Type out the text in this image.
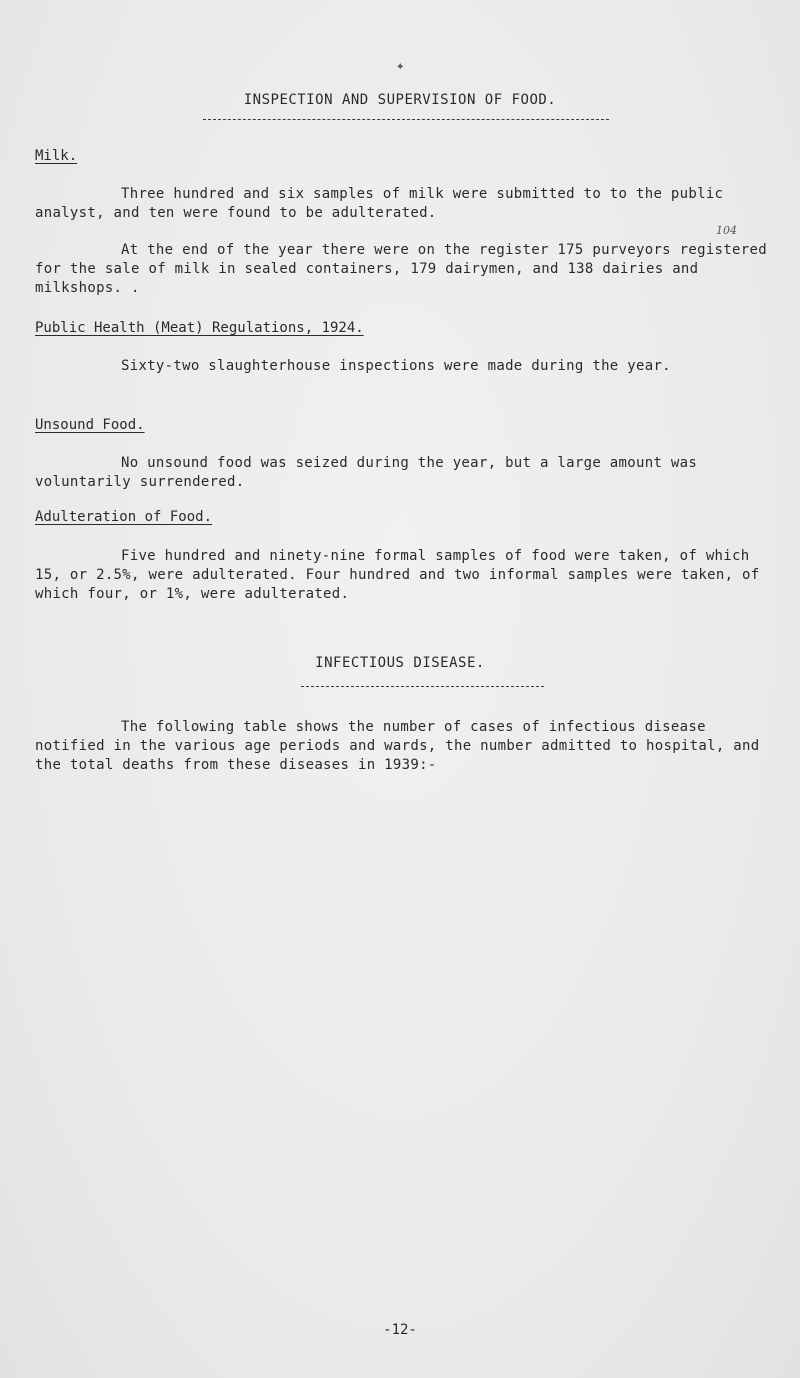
✦
INSPECTION AND SUPERVISION OF FOOD.
Milk.

Three hundred and six samples of milk were submitted to to the public analyst, and ten were found to be adulterated.

104

At the end of the year there were on the register 175 purveyors registered for the sale of milk in sealed containers, 179 dairymen, and 138 dairies and milkshops. .

Public Health (Meat) Regulations, 1924.

Sixty-two slaughterhouse inspections were made during the year.

Unsound Food.

No unsound food was seized during the year, but a large amount was voluntarily surrendered.

Adulteration of Food.

Five hundred and ninety-nine formal samples of food were taken, of which 15, or 2.5%, were adulterated. Four hundred and two informal samples were taken, of which four, or 1%, were adulterated.

INFECTIOUS DISEASE.

The following table shows the number of cases of infectious disease notified in the various age periods and wards, the number admitted to hospital, and the total deaths from these diseases in 1939:-

-12-
